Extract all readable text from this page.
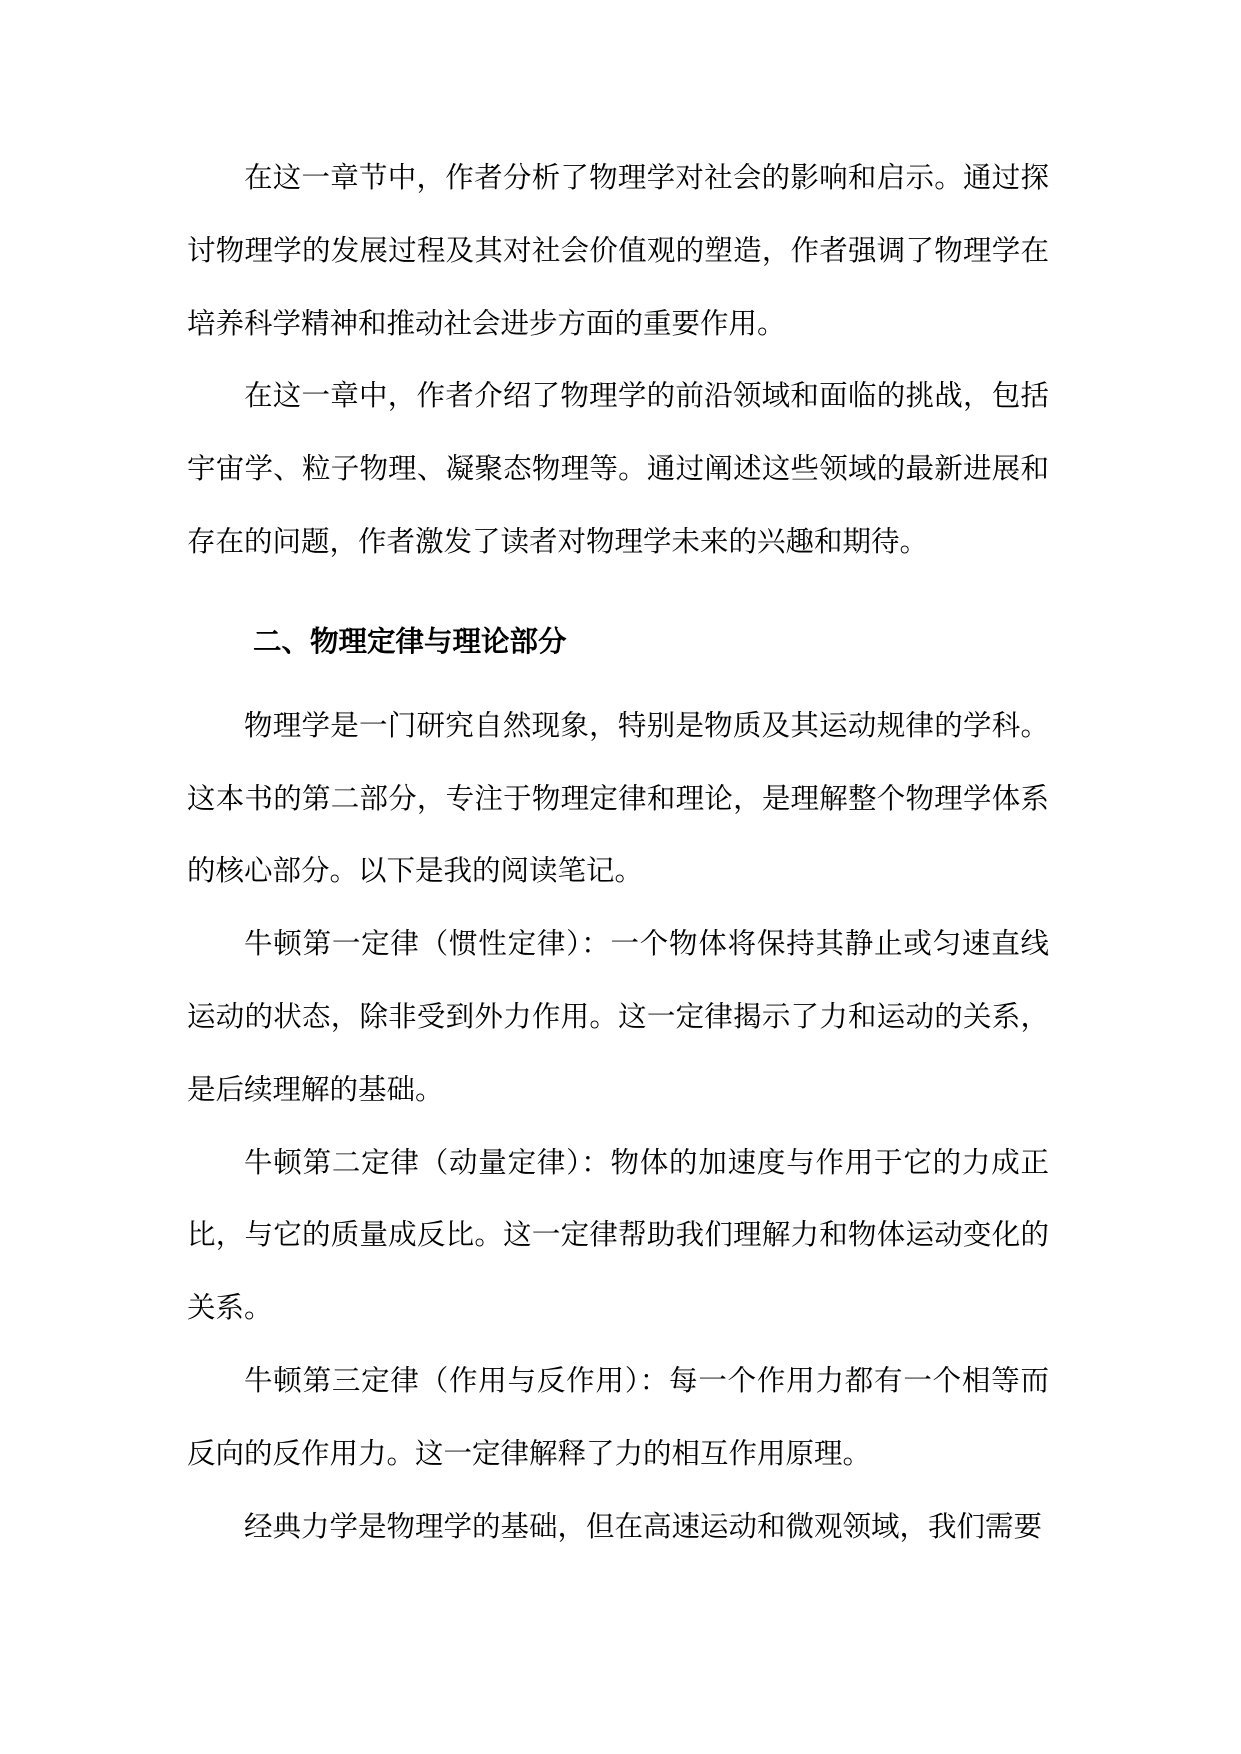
在这一章节中，作者分析了物理学对社会的影响和启示。通过探讨物理学的发展过程及其对社会价值观的塑造，作者强调了物理学在培养科学精神和推动社会进步方面的重要作用。

在这一章中，作者介绍了物理学的前沿领域和面临的挑战，包括宇宙学、粒子物理、凝聚态物理等。通过阐述这些领域的最新进展和存在的问题，作者激发了读者对物理学未来的兴趣和期待。

二、物理定律与理论部分

物理学是一门研究自然现象，特别是物质及其运动规律的学科。这本书的第二部分，专注于物理定律和理论，是理解整个物理学体系的核心部分。以下是我的阅读笔记。

牛顿第一定律（惯性定律）：一个物体将保持其静止或匀速直线运动的状态，除非受到外力作用。这一定律揭示了力和运动的关系，是后续理解的基础。

牛顿第二定律（动量定律）：物体的加速度与作用于它的力成正比，与它的质量成反比。这一定律帮助我们理解力和物体运动变化的关系。

牛顿第三定律（作用与反作用）：每一个作用力都有一个相等而反向的反作用力。这一定律解释了力的相互作用原理。

经典力学是物理学的基础，但在高速运动和微观领域，我们需要
